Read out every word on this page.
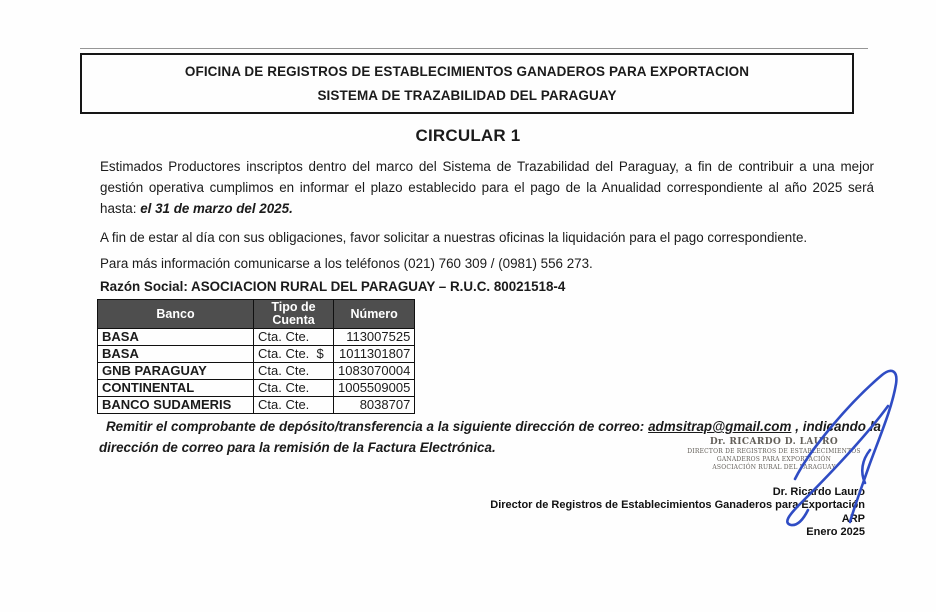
OFICINA DE REGISTROS DE ESTABLECIMIENTOS GANADEROS PARA EXPORTACION
SISTEMA DE TRAZABILIDAD DEL PARAGUAY
CIRCULAR 1
Estimados Productores inscriptos dentro del marco del Sistema de Trazabilidad del Paraguay, a fin de contribuir a una mejor gestión operativa cumplimos en informar el plazo establecido para el pago de la Anualidad correspondiente al año 2025 será hasta: el 31 de marzo del 2025.
A fin de estar al día con sus obligaciones, favor solicitar a nuestras oficinas la liquidación para el pago correspondiente.
Para más información comunicarse a los teléfonos (021) 760 309 / (0981) 556 273.
Razón Social: ASOCIACION RURAL DEL PARAGUAY – R.U.C. 80021518-4
Banco	Tipo de Cuenta	Número
BASA	Cta. Cte.	113007525
BASA	Cta. Cte.  $	1011301807
GNB PARAGUAY	Cta. Cte.	1083070004
CONTINENTAL	Cta. Cte.	1005509005
BANCO SUDAMERIS	Cta. Cte.	8038707
Remitir el comprobante de depósito/transferencia a la siguiente dirección de correo: admsitrap@gmail.com , indicando la dirección de correo para la remisión de la Factura Electrónica.	Dr. RICARDO D. LAURO
DIRECTOR DE REGISTROS DE ESTABLECIMIENTOS
GANADEROS PARA EXPORTACIÓN
ASOCIACIÓN RURAL DEL PARAGUAY
Dr. Ricardo Lauro
Director de Registros de Establecimientos Ganaderos para Exportación
ARP
Enero 2025
